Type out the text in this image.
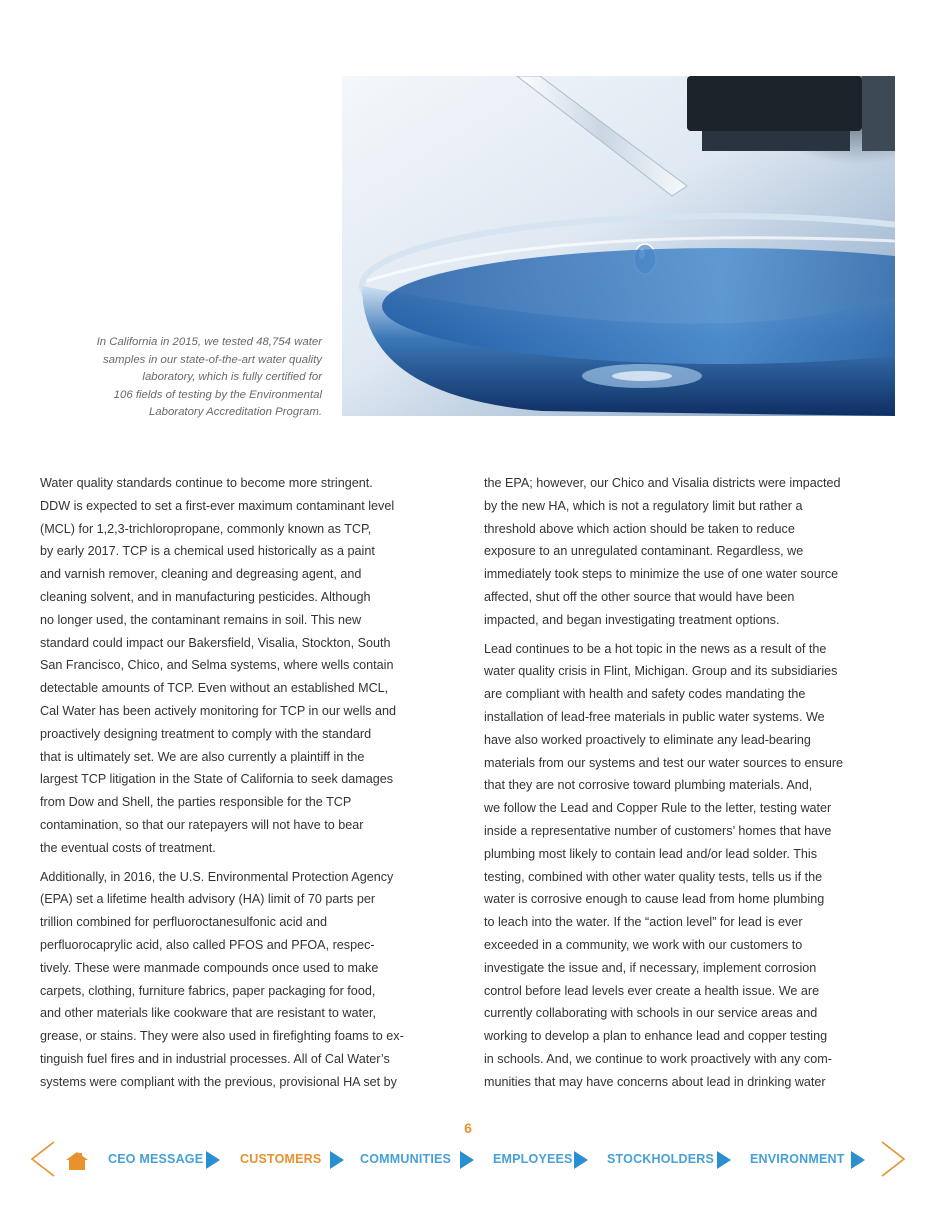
In California in 2015, we tested 48,754 water
samples in our state-of-the-art water quality
laboratory, which is fully certified for
106 fields of testing by the Environmental
Laboratory Accreditation Program.

Water quality standards continue to become more stringent.
DDW is expected to set a first-ever maximum contaminant level
(MCL) for 1,2,3-trichloropropane, commonly known as TCP,
by early 2017. TCP is a chemical used historically as a paint
and varnish remover, cleaning and degreasing agent, and
cleaning solvent, and in manufacturing pesticides. Although
no longer used, the contaminant remains in soil. This new
standard could impact our Bakersfield, Visalia, Stockton, South
San Francisco, Chico, and Selma systems, where wells contain
detectable amounts of TCP. Even without an established MCL,
Cal Water has been actively monitoring for TCP in our wells and
proactively designing treatment to comply with the standard
that is ultimately set. We are also currently a plaintiff in the
largest TCP litigation in the State of California to seek damages
from Dow and Shell, the parties responsible for the TCP
contamination, so that our ratepayers will not have to bear
the eventual costs of treatment.

Additionally, in 2016, the U.S. Environmental Protection Agency
(EPA) set a lifetime health advisory (HA) limit of 70 parts per
trillion combined for perfluoroctanesulfonic acid and
perfluorocaprylic acid, also called PFOS and PFOA, respec-
tively. These were manmade compounds once used to make
carpets, clothing, furniture fabrics, paper packaging for food,
and other materials like cookware that are resistant to water,
grease, or stains. They were also used in firefighting foams to ex-
tinguish fuel fires and in industrial processes. All of Cal Water’s
systems were compliant with the previous, provisional HA set by

the EPA; however, our Chico and Visalia districts were impacted
by the new HA, which is not a regulatory limit but rather a
threshold above which action should be taken to reduce
exposure to an unregulated contaminant. Regardless, we
immediately took steps to minimize the use of one water source
affected, shut off the other source that would have been
impacted, and began investigating treatment options.

Lead continues to be a hot topic in the news as a result of the
water quality crisis in Flint, Michigan. Group and its subsidiaries
are compliant with health and safety codes mandating the
installation of lead-free materials in public water systems. We
have also worked proactively to eliminate any lead-bearing
materials from our systems and test our water sources to ensure
that they are not corrosive toward plumbing materials. And,
we follow the Lead and Copper Rule to the letter, testing water
inside a representative number of customers’ homes that have
plumbing most likely to contain lead and/or lead solder. This
testing, combined with other water quality tests, tells us if the
water is corrosive enough to cause lead from home plumbing
to leach into the water. If the “action level” for lead is ever
exceeded in a community, we work with our customers to
investigate the issue and, if necessary, implement corrosion
control before lead levels ever create a health issue. We are
currently collaborating with schools in our service areas and
working to develop a plan to enhance lead and copper testing
in schools. And, we continue to work proactively with any com-
munities that may have concerns about lead in drinking water

6
CEO MESSAGE	CUSTOMERS	COMMUNITIES	EMPLOYEES	STOCKHOLDERS	ENVIRONMENT
